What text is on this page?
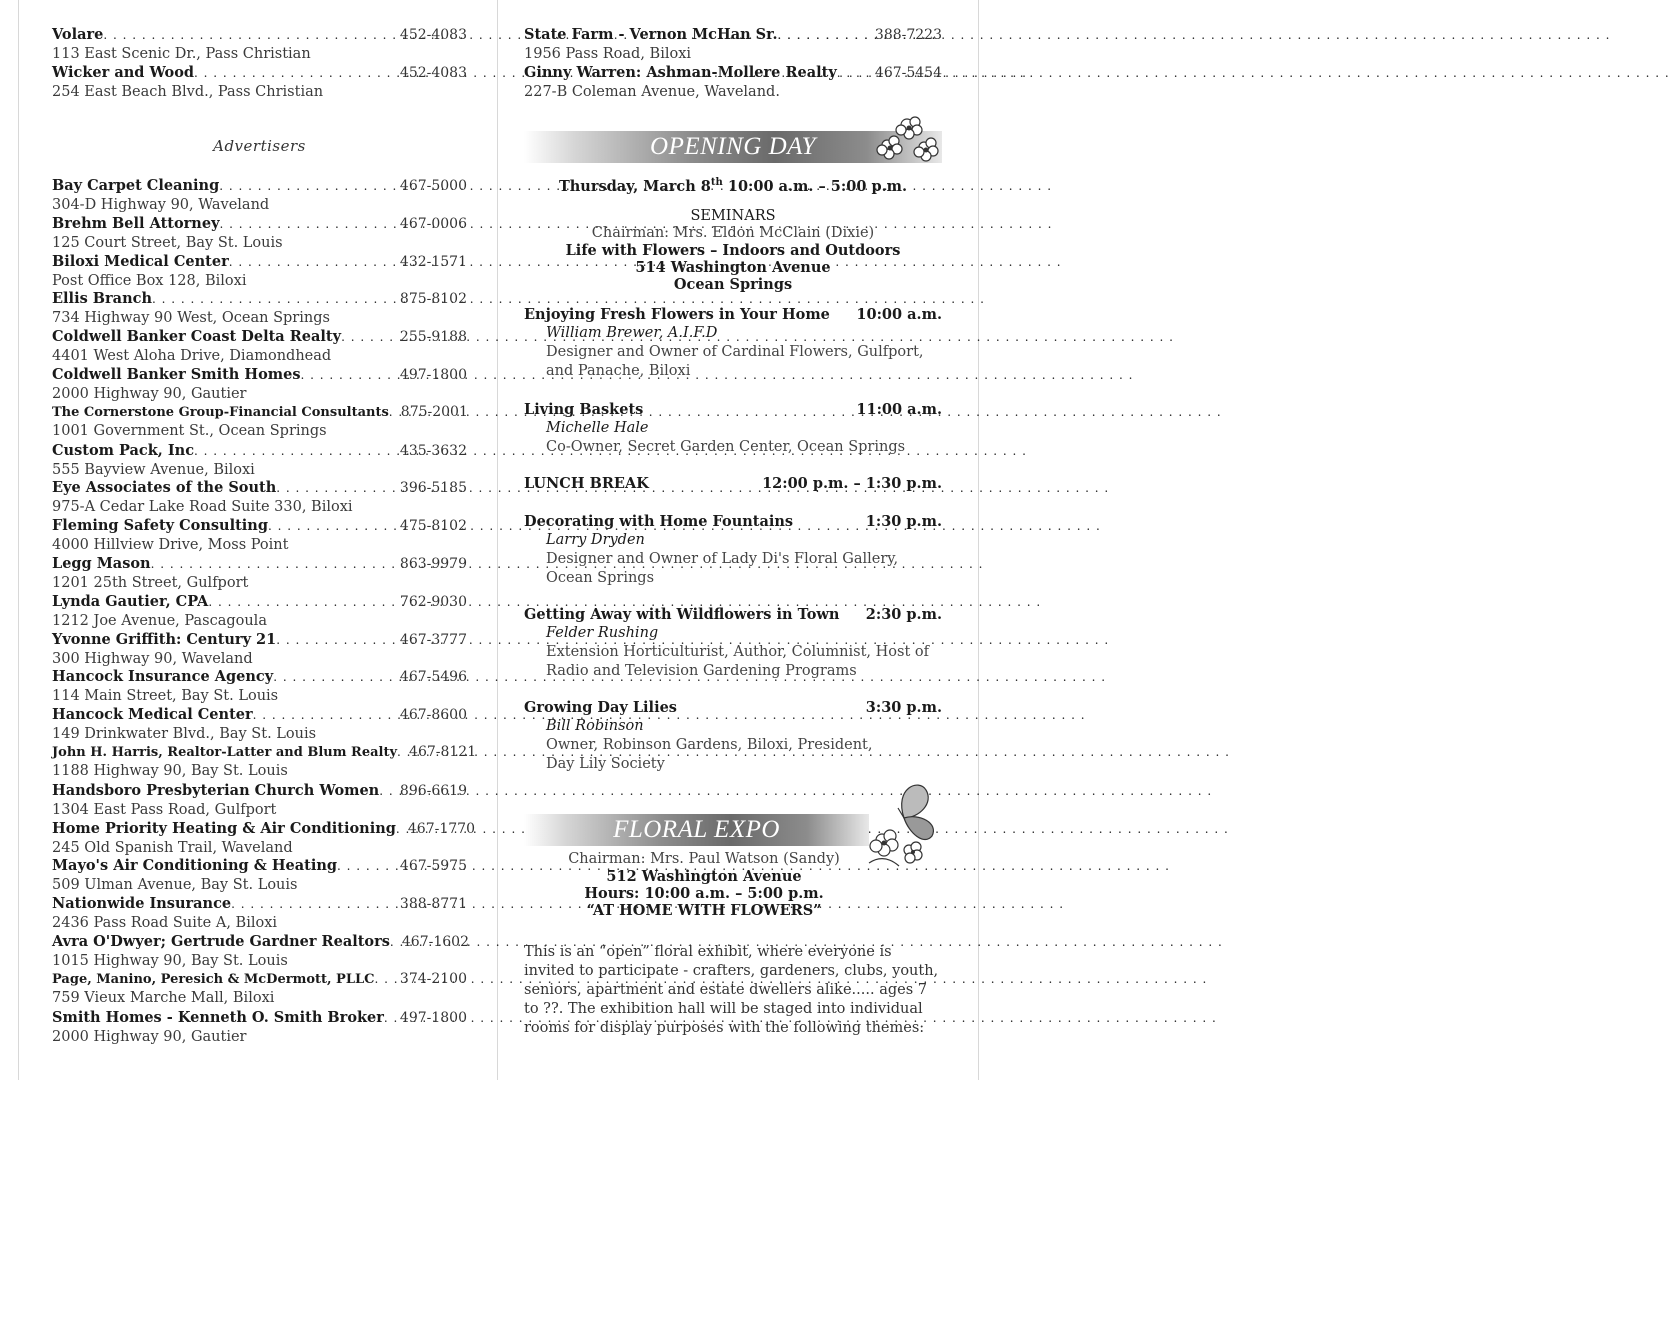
Volare . . .	452-4083
113 East Scenic Dr., Pass Christian
Wicker and Wood . . .	452-4083
254 East Beach Blvd., Pass Christian
Advertisers
Bay Carpet Cleaning . . .	467-5000
304-D Highway 90, Waveland
Brehm Bell Attorney . . .	467-0006
125 Court Street, Bay St. Louis
Biloxi Medical Center . . .	432-1571
Post Office Box 128, Biloxi
Ellis Branch . . .	875-8102
734 Highway 90 West, Ocean Springs
Coldwell Banker Coast Delta Realty . . .	255-9188
4401 West Aloha Drive, Diamondhead
Coldwell Banker Smith Homes . . .	497-1800
2000 Highway 90, Gautier
The Cornerstone Group-Financial Consultants . . . 875-2001
1001 Government St., Ocean Springs
Custom Pack, Inc . . .	435-3632
555 Bayview Avenue, Biloxi
Eye Associates of the South . . .	396-5185
975-A Cedar Lake Road Suite 330, Biloxi
Fleming Safety Consulting . . .	475-8102
4000 Hillview Drive, Moss Point
Legg Mason . . .	863-9979
1201 25th Street, Gulfport
Lynda Gautier, CPA . . .	762-9030
1212 Joe Avenue, Pascagoula
Yvonne Griffith: Century 21 . . .	467-3777
300 Highway 90, Waveland
Hancock Insurance Agency . . .	467-5496
114 Main Street, Bay St. Louis
Hancock Medical Center . . .	467-8600
149 Drinkwater Blvd., Bay St. Louis
John H. Harris, Realtor-Latter and Blum Realty . . . 467-8121
1188 Highway 90, Bay St. Louis
Handsboro Presbyterian Church Women . . . 896-6619
1304 East Pass Road, Gulfport
Home Priority Heating & Air Conditioning . . . 467-1770
245 Old Spanish Trail, Waveland
Mayo's Air Conditioning & Heating . . .	467-5975
509 Ulman Avenue, Bay St. Louis
Nationwide Insurance . . .	388-8771
2436 Pass Road Suite A, Biloxi
Avra O'Dwyer; Gertrude Gardner Realtors . . . 467-1602
1015 Highway 90, Bay St. Louis
Page, Manino, Peresich & McDermott, PLLC . . . 374-2100
759 Vieux Marche Mall, Biloxi
Smith Homes - Kenneth O. Smith Broker . . . 497-1800
2000 Highway 90, Gautier
State Farm - Vernon McHan Sr. . . .	388-7223
1956 Pass Road, Biloxi
Ginny Warren: Ashman-Mollere Realty . . .	467-5454
227-B Coleman Avenue, Waveland.
OPENING DAY
Thursday, March 8th 10:00 a.m. – 5:00 p.m.
SEMINARS
Chairman: Mrs. Eldon McClain (Dixie)
Life with Flowers – Indoors and Outdoors
514 Washington Avenue
Ocean Springs
Enjoying Fresh Flowers in Your Home 10:00 a.m.
William Brewer, A.I.F.D
Designer and Owner of Cardinal Flowers, Gulfport,
and Panache, Biloxi
Living Baskets	11:00 a.m.
Michelle Hale
Co-Owner, Secret Garden Center, Ocean Springs
LUNCH BREAK	12:00 p.m. – 1:30 p.m.
Decorating with Home Fountains	1:30 p.m.
Larry Dryden
Designer and Owner of Lady Di's Floral Gallery,
Ocean Springs
Getting Away with Wildflowers in Town 2:30 p.m.
Felder Rushing
Extension Horticulturist, Author, Columnist, Host of
Radio and Television Gardening Programs
Growing Day Lilies	3:30 p.m.
Bill Robinson
Owner, Robinson Gardens, Biloxi, President,
Day Lily Society
FLORAL EXPO
Chairman: Mrs. Paul Watson (Sandy)
512 Washington Avenue
Hours: 10:00 a.m. – 5:00 p.m.
“AT HOME WITH FLOWERS”
This is an “open” floral exhibit, where everyone is invited to participate - crafters, gardeners, clubs, youth, seniors, apartment and estate dwellers alike..... ages 7 to ??. The exhibition hall will be staged into individual rooms for display purposes with the following themes:
